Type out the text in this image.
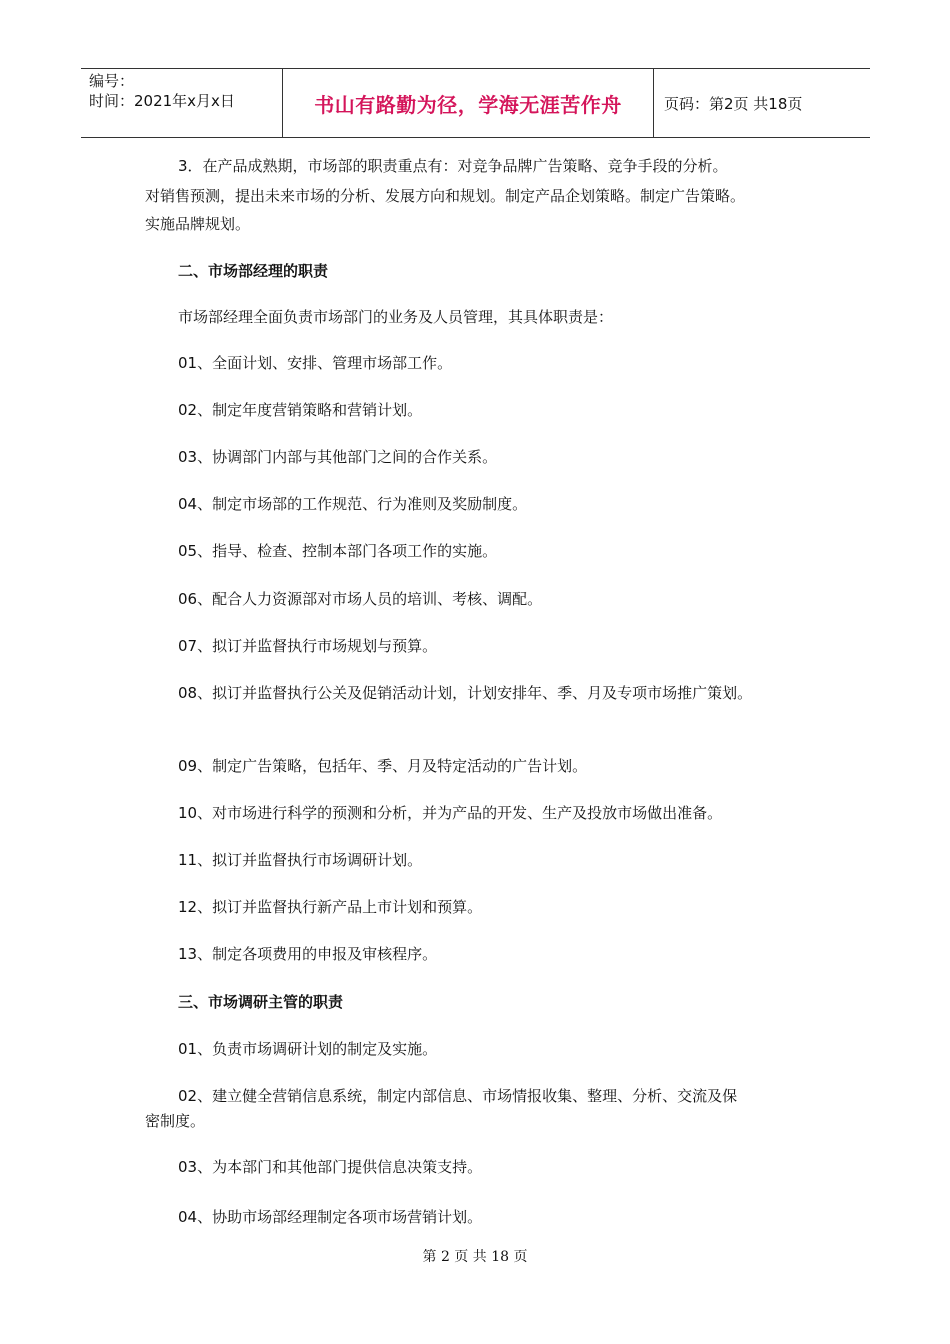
编号：
时间：2021年x月x日	书山有路勤为径，学海无涯苦作舟	页码：第2页 共18页
3．在产品成熟期，市场部的职责重点有：对竞争品牌广告策略、竞争手段的分析。
对销售预测，提出未来市场的分析、发展方向和规划。制定产品企划策略。制定广告策略。
实施品牌规划。
二、市场部经理的职责
市场部经理全面负责市场部门的业务及人员管理，其具体职责是：
01、全面计划、安排、管理市场部工作。
02、制定年度营销策略和营销计划。
03、协调部门内部与其他部门之间的合作关系。
04、制定市场部的工作规范、行为准则及奖励制度。
05、指导、检查、控制本部门各项工作的实施。
06、配合人力资源部对市场人员的培训、考核、调配。
07、拟订并监督执行市场规划与预算。
08、拟订并监督执行公关及促销活动计划，计划安排年、季、月及专项市场推广策划。
09、制定广告策略，包括年、季、月及特定活动的广告计划。
10、对市场进行科学的预测和分析，并为产品的开发、生产及投放市场做出准备。
11、拟订并监督执行市场调研计划。
12、拟订并监督执行新产品上市计划和预算。
13、制定各项费用的申报及审核程序。
三、市场调研主管的职责
01、负责市场调研计划的制定及实施。
02、建立健全营销信息系统，制定内部信息、市场情报收集、整理、分析、交流及保
密制度。
03、为本部门和其他部门提供信息决策支持。
04、协助市场部经理制定各项市场营销计划。
第 2 页 共 18 页
